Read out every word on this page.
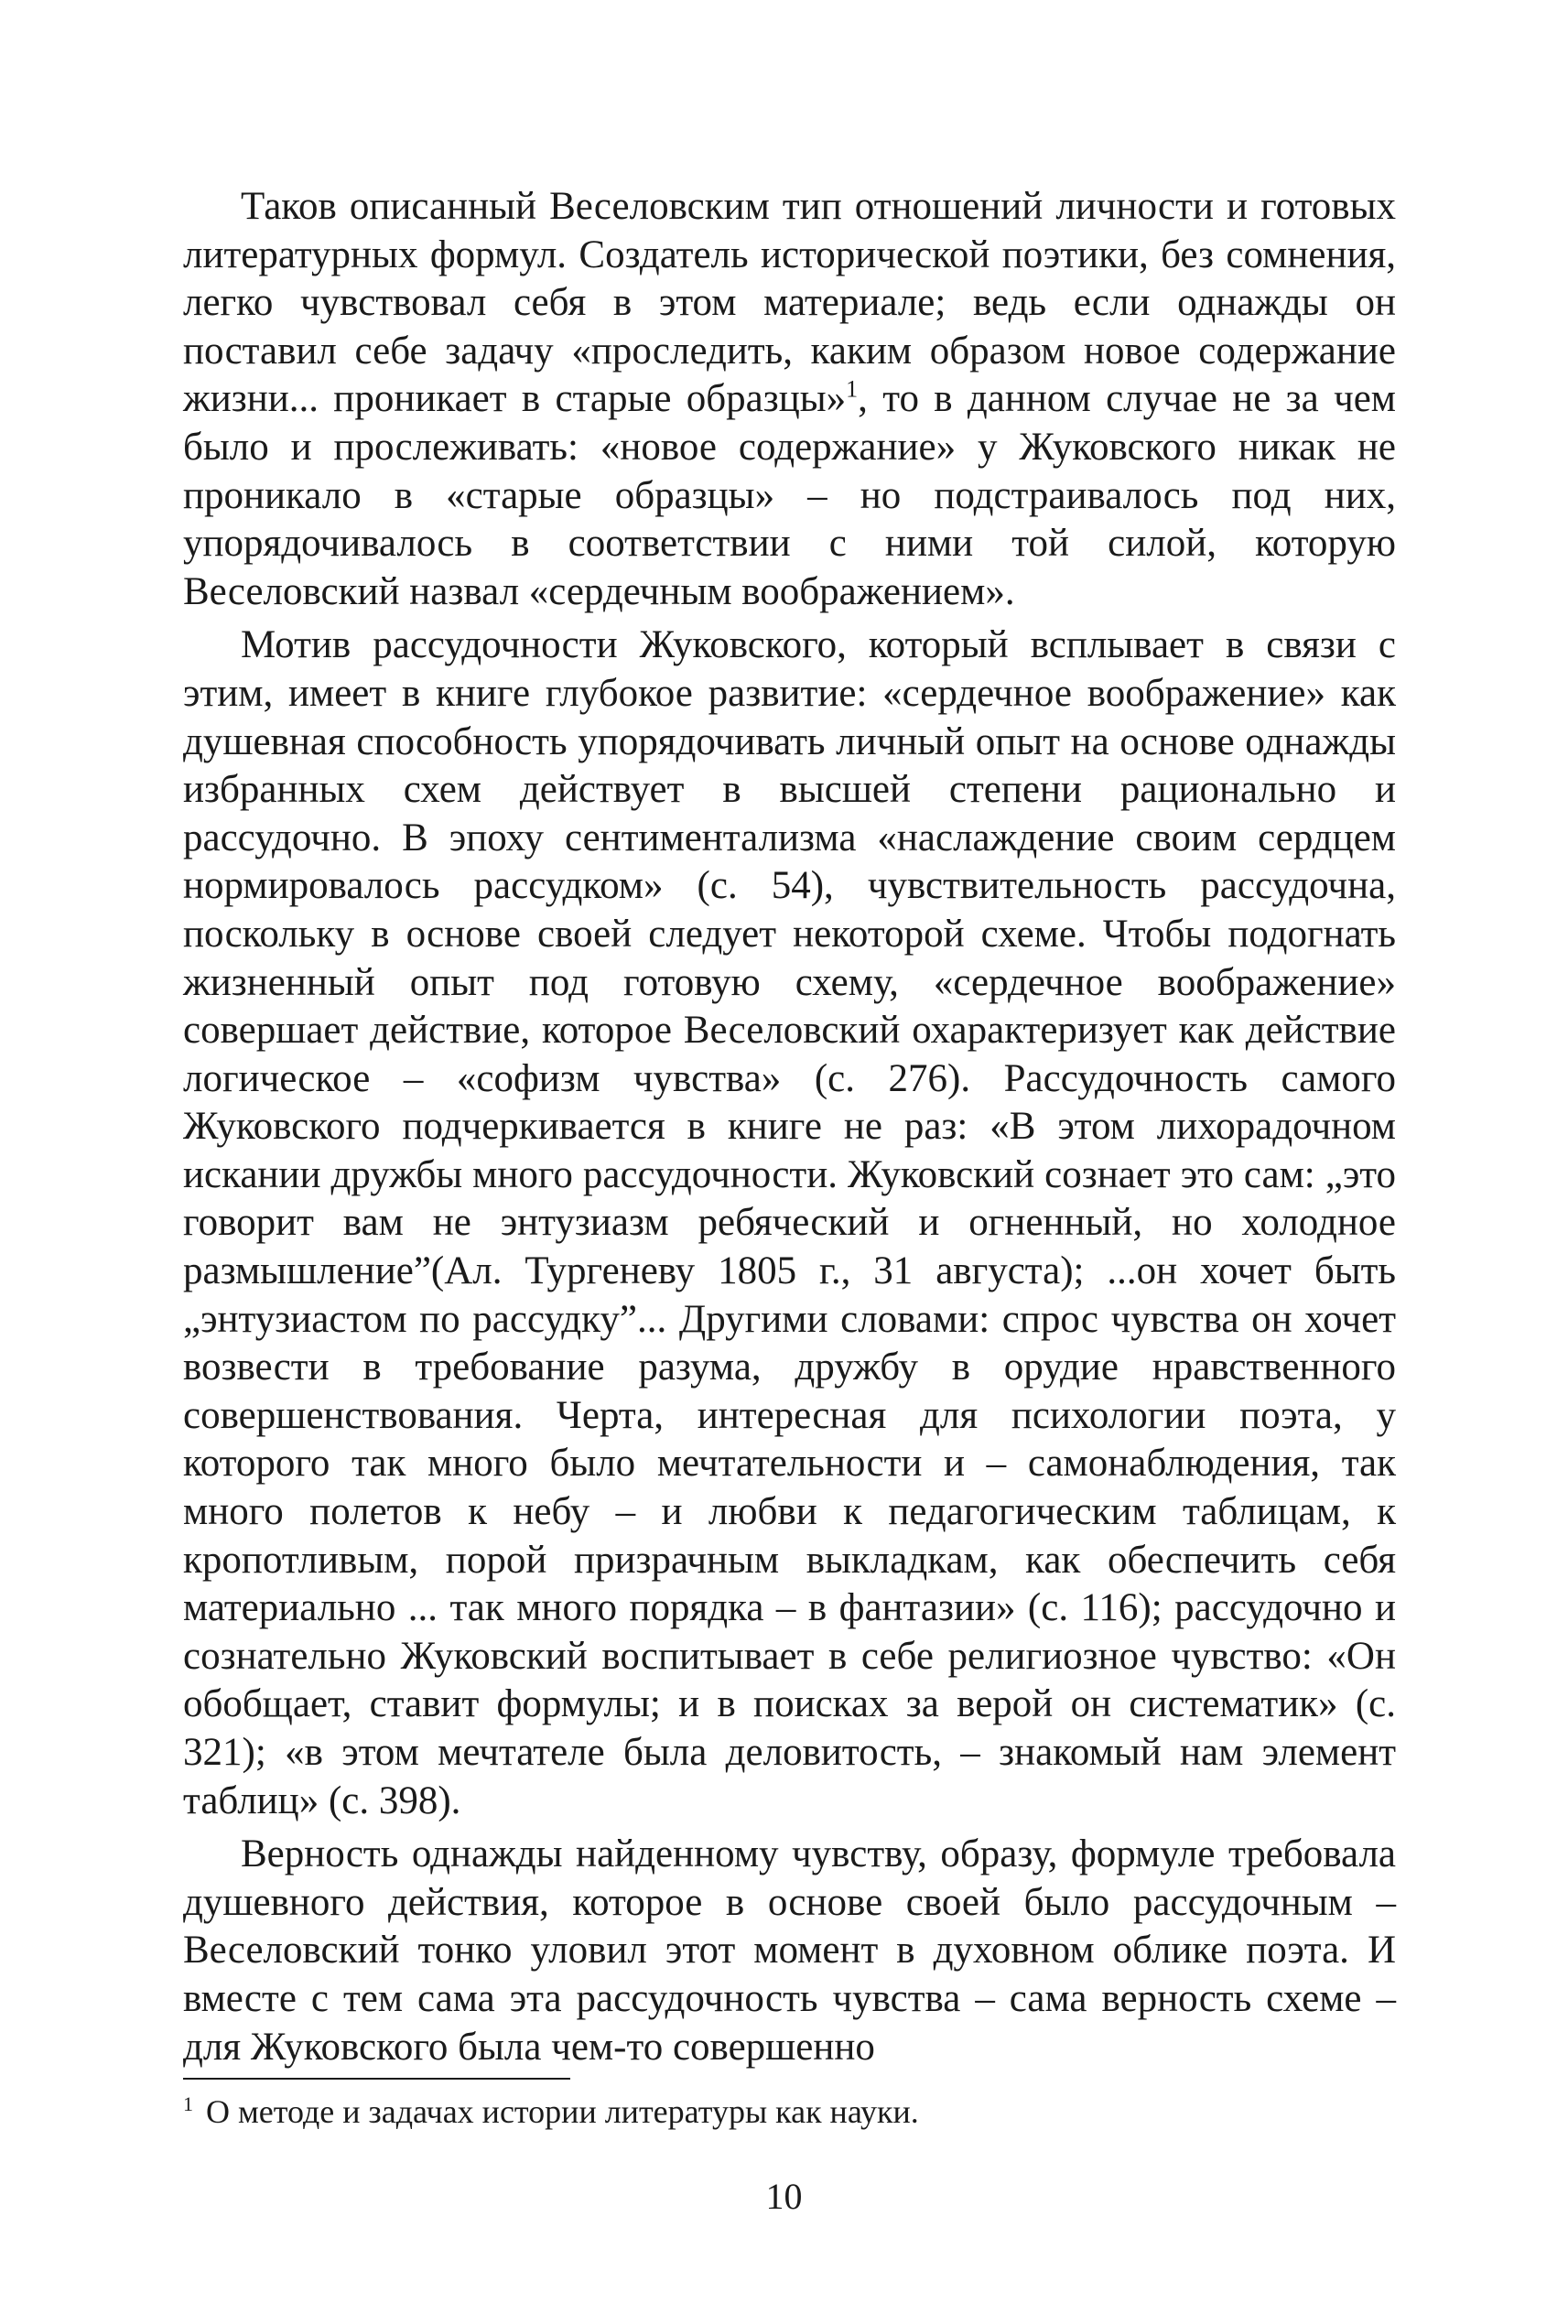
Таков описанный Веселовским тип отношений личности и готовых литературных формул. Создатель исторической поэтики, без сомнения, легко чувствовал себя в этом материале; ведь если однажды он поставил себе задачу «проследить, каким образом новое содержание жизни... проникает в старые образцы»$^1$, то в данном случае не за чем было и прослеживать: «новое содержание» у Жуковского никак не проникало в «старые образцы» – но подстраивалось под них, упорядочивалось в соответствии с ними той силой, которую Веселовский назвал «сердечным воображением».

Мотив рассудочности Жуковского, который всплывает в связи с этим, имеет в книге глубокое развитие: «сердечное воображение» как душевная способность упорядочивать личный опыт на основе однажды избранных схем действует в высшей степени рационально и рассудочно. В эпоху сентиментализма «наслаждение своим сердцем нормировалось рассудком» (с. 54), чувствительность рассудочна, поскольку в основе своей следует некоторой схеме. Чтобы подогнать жизненный опыт под готовую схему, «сердечное воображение» совершает действие, которое Веселовский охарактеризует как действие логическое – «софизм чувства» (с. 276). Рассудочность самого Жуковского подчеркивается в книге не раз: «В этом лихорадочном искании дружбы много рассудочности. Жуковский сознает это сам: „это говорит вам не энтузиазм ребяческий и огненный, но холодное размышление”(Ал. Тургеневу 1805 г., 31 августа); ...он хочет быть „энтузиастом по рассудку”... Другими словами: спрос чувства он хочет возвести в требование разума, дружбу в орудие нравственного совершенствования. Черта, интересная для психологии поэта, у которого так много было мечтательности и – самонаблюдения, так много полетов к небу – и любви к педагогическим таблицам, к кропотливым, порой призрачным выкладкам, как обеспечить себя материально ... так много порядка – в фантазии» (с. 116); рассудочно и сознательно Жуковский воспитывает в себе религиозное чувство: «Он обобщает, ставит формулы; и в поисках за верой он систематик» (с. 321); «в этом мечтателе была деловитость, – знакомый нам элемент таблиц» (с. 398).

Верность однажды найденному чувству, образу, формуле требовала душевного действия, которое в основе своей было рассудочным – Веселовский тонко уловил этот момент в духовном облике поэта. И вместе с тем сама эта рассудочность чувства – сама верность схеме – для Жуковского была чем-то совершенно

$^1$ О методе и задачах истории литературы как науки.
10
